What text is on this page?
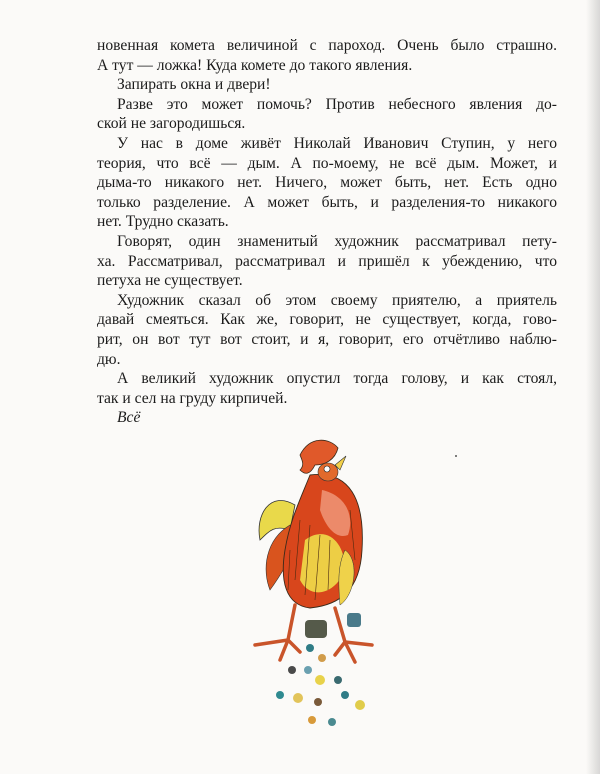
новенная комета величиной с пароход. Очень было страшно.
А тут — ложка! Куда комете до такого явления.
Запирать окна и двери!
Разве это может помочь? Против небесного явления до-
ской не загородишься.
У нас в доме живёт Николай Иванович Ступин, у него
теория, что всё — дым. А по-моему, не всё дым. Может, и
дыма-то никакого нет. Ничего, может быть, нет. Есть одно
только разделение. А может быть, и разделения-то никакого
нет. Трудно сказать.
Говорят, один знаменитый художник рассматривал пету-
ха. Рассматривал, рассматривал и пришёл к убеждению, что
петуха не существует.
Художник сказал об этом своему приятелю, а приятель
давай смеяться. Как же, говорит, не существует, когда, гово-
рит, он вот тут вот стоит, и я, говорит, его отчётливо наблю-
дю.
А великий художник опустил тогда голову, и как стоял,
так и сел на груду кирпичей.
Всё
